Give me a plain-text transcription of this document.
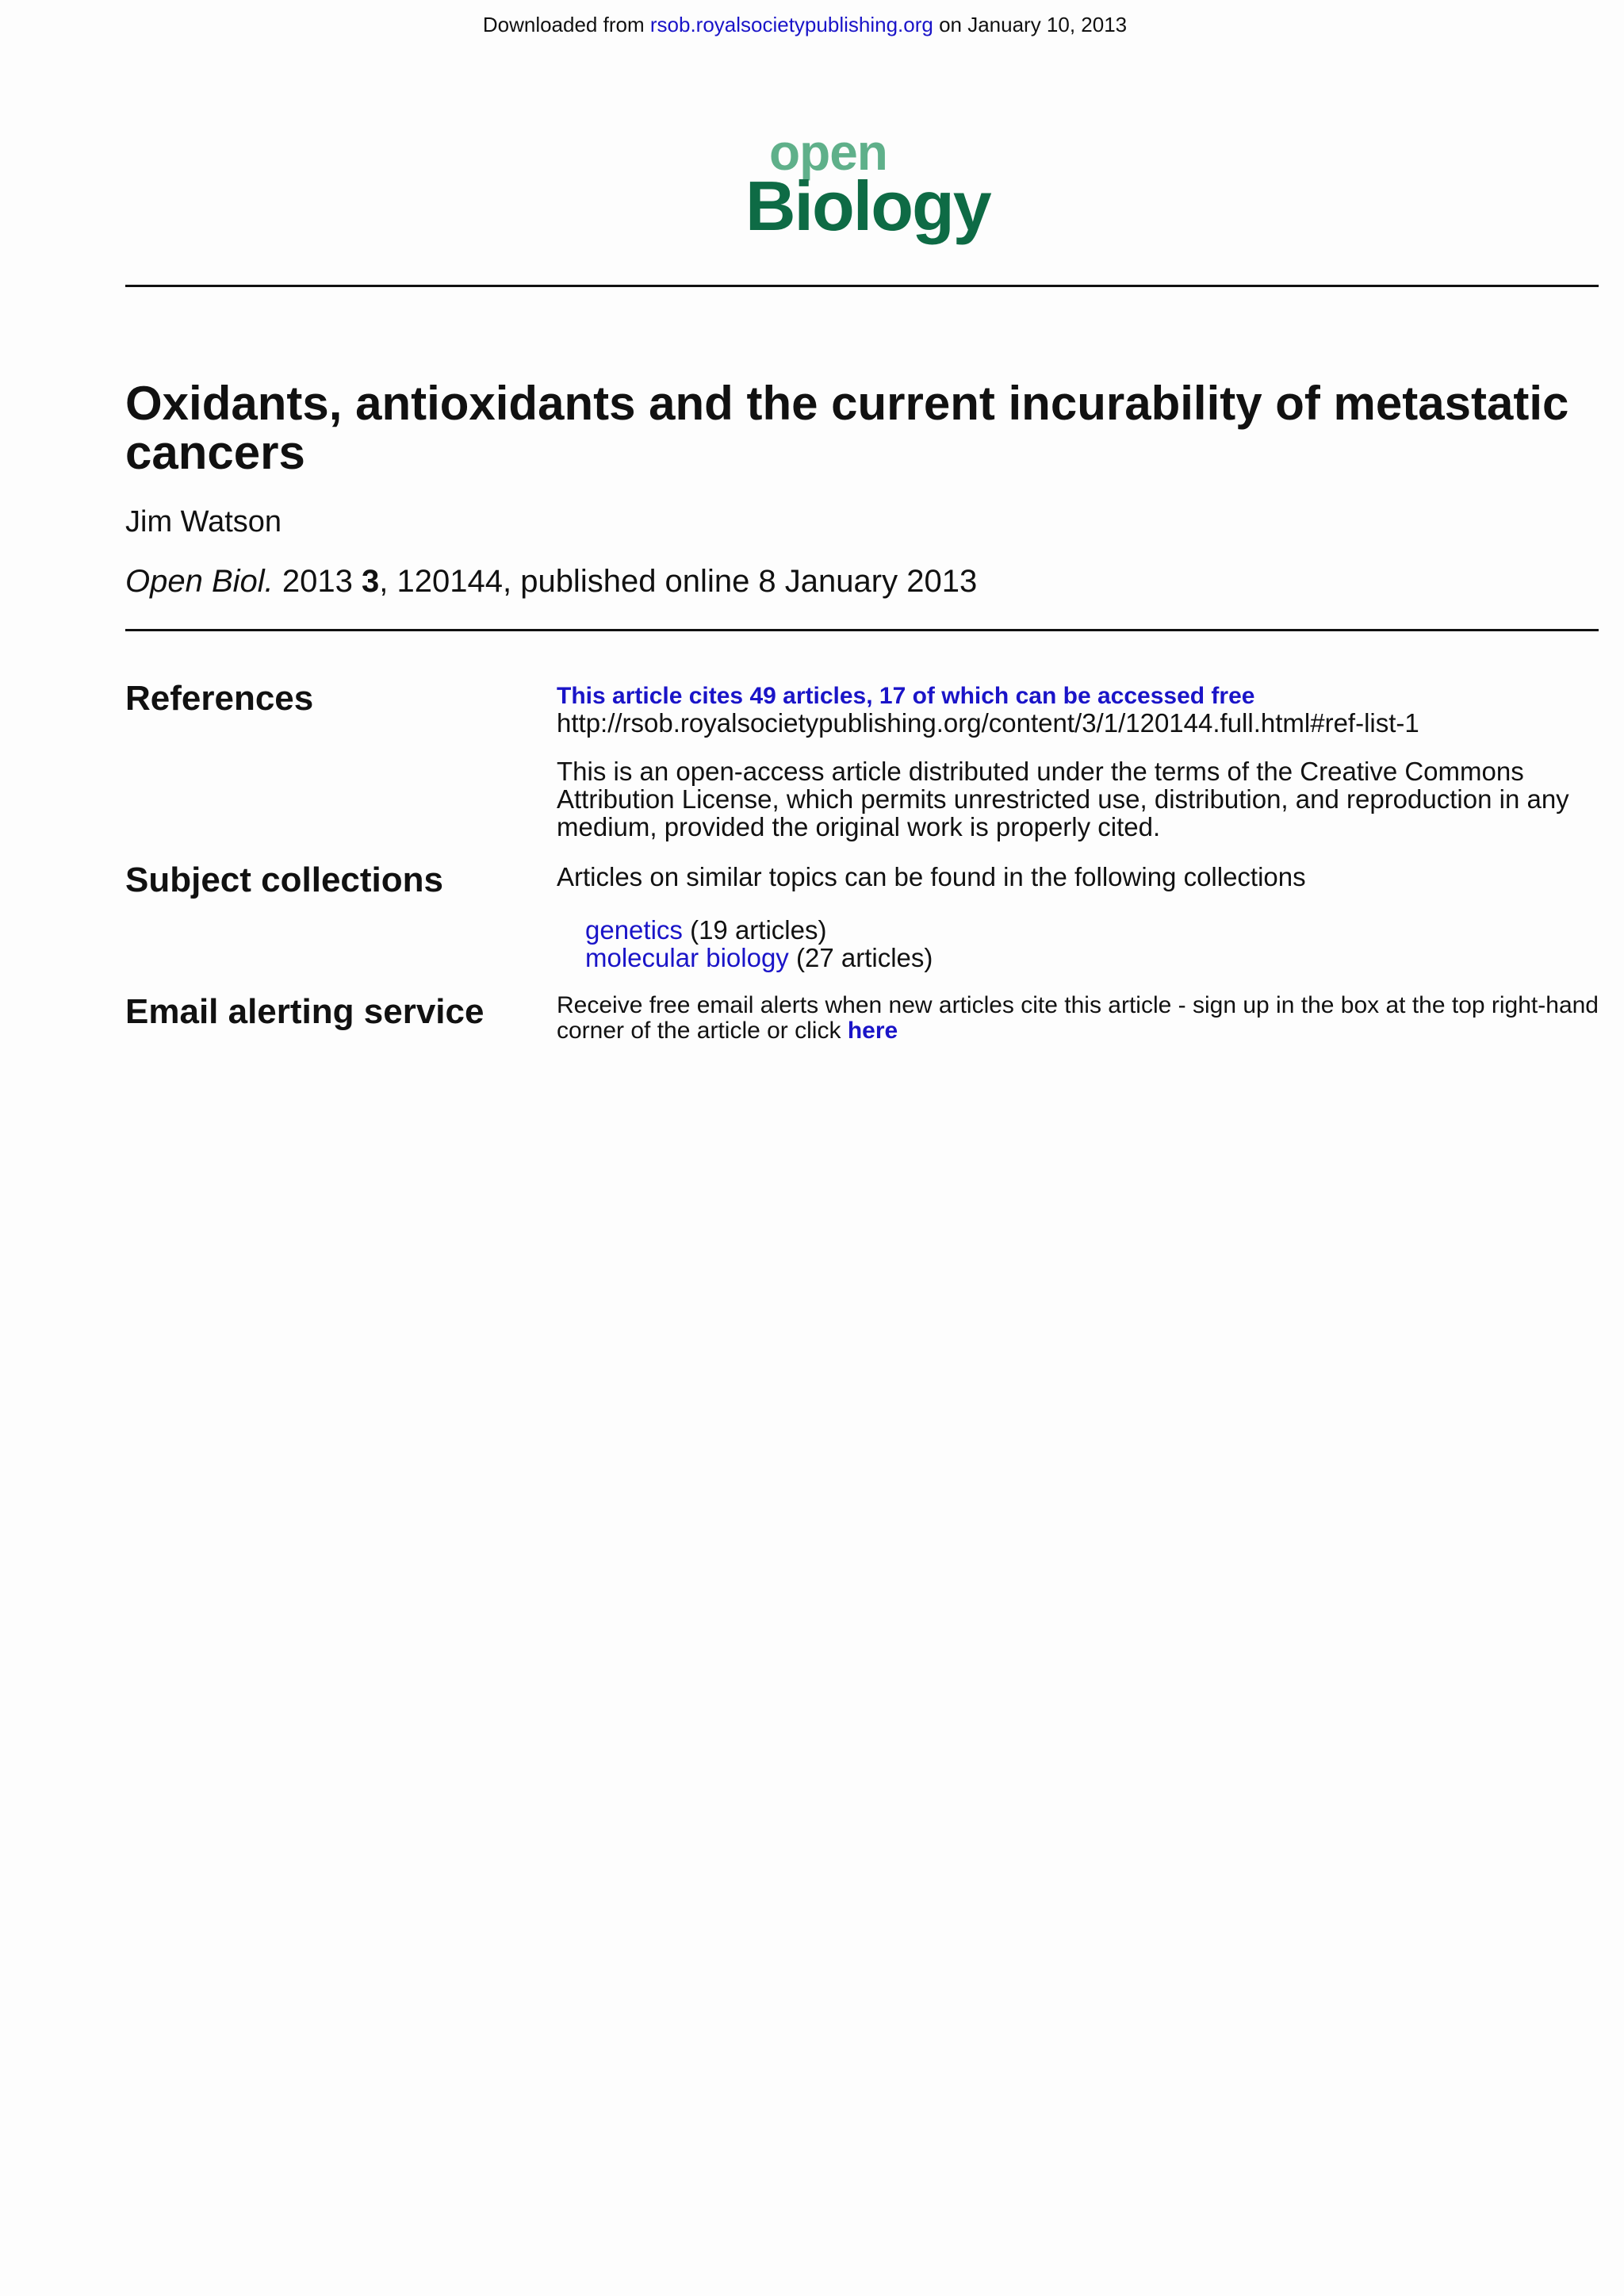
Downloaded from rsob.royalsocietypublishing.org on January 10, 2013
open
Biology
Oxidants, antioxidants and the current incurability of metastatic cancers
Jim Watson
Open Biol. 2013 3, 120144, published online 8 January 2013
References	This article cites 49 articles, 17 of which can be accessed free
http://rsob.royalsocietypublishing.org/content/3/1/120144.full.html#ref-list-1
This is an open-access article distributed under the terms of the Creative Commons Attribution License, which permits unrestricted use, distribution, and reproduction in any medium, provided the original work is properly cited.
Subject collections	Articles on similar topics can be found in the following collections
genetics (19 articles)
molecular biology (27 articles)
Email alerting service	Receive free email alerts when new articles cite this article - sign up in the box at the top right-hand corner of the article or click here
